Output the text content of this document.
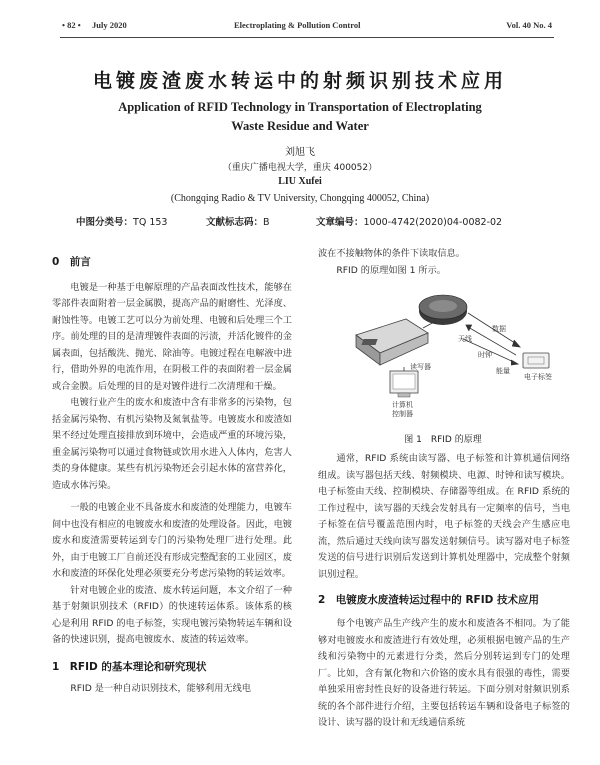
• 82 • July 2020	Electroplating & Pollution Control	Vol. 40 No. 4
电镀废渣废水转运中的射频识别技术应用
Application of RFID Technology in Transportation of Electroplating
Waste Residue and Water
刘旭飞
（重庆广播电视大学，重庆 400052）
LIU Xufei
(Chongqing Radio & TV University, Chongqing 400052, China)
中图分类号：TQ 153	文献标志码：B	文章编号：1000-4742(2020)04-0082-02
0　前言

电镀是一种基于电解原理的产品表面改性技术，能够在零部件表面附着一层金属膜，提高产品的耐磨性、光泽度、耐蚀性等。电镀工艺可以分为前处理、电镀和后处理三个工序。前处理的目的是清理镀件表面的污渍，并活化镀件的金属表面，包括酸洗、抛光、除油等。电镀过程在电解液中进行，借助外界的电流作用，在阴极工件的表面附着一层金属或合金膜。后处理的目的是对镀件进行二次清理和干燥。

电镀行业产生的废水和废渣中含有非常多的污染物，包括金属污染物、有机污染物及氮氧盐等。电镀废水和废渣如果不经过处理直接排放到环境中，会造成严重的环境污染，重金属污染物可以通过食物链或饮用水进入人体内，危害人类的身体健康。某些有机污染物还会引起水体的富营养化，造成水体污染。

一般的电镀企业不具备废水和废渣的处理能力，电镀车间中也没有相应的电镀废水和废渣的处理设备。因此，电镀废水和废渣需要转运到专门的污染物处理厂进行处理。此外，由于电镀工厂自前还没有形成完整配套的工业园区，废水和废渣的环保化处理必须要充分考虑污染物的转运效率。

针对电镀企业的废渣、废水转运问题，本文介绍了一种基于射频识别技术（RFID）的快速转运体系。该体系的核心是利用 RFID 的电子标签，实现电镀污染物转运车辆和设备的快速识别，提高电镀废水、废渣的转运效率。

1　RFID 的基本理论和研究现状

RFID 是一种自动识别技术，能够利用无线电

波在不接触物体的条件下读取信息。

RFID 的原理如图 1 所示。

天线
数据
时钟
能量
电子标签
读写器
计算机控制器
图 1　RFID 的原理

通常，RFID 系统由读写器、电子标签和计算机通信网络组成。读写器包括天线、射频模块、电源、时钟和读写模块。电子标签由天线、控制模块、存储器等组成。在 RFID 系统的工作过程中，读写器的天线会发射具有一定频率的信号，当电子标签在信号覆盖范围内时，电子标签的天线会产生感应电流，然后通过天线向读写器发送射频信号。读写器对电子标签发送的信号进行识别后发送到计算机处理器中，完成整个射频识别过程。

2　电镀废水废渣转运过程中的 RFID 技术应用

每个电镀产品生产线产生的废水和废渣各不相同。为了能够对电镀废水和废渣进行有效处理，必须根据电镀产品的生产线和污染物中的元素进行分类，然后分别转运到专门的处理厂。比如，含有氰化物和六价铬的废水具有很强的毒性，需要单独采用密封性良好的设备进行转运。下面分别对射频识别系统的各个部件进行介绍，主要包括转运车辆和设备电子标签的设计、读写器的设计和无线通信系统
